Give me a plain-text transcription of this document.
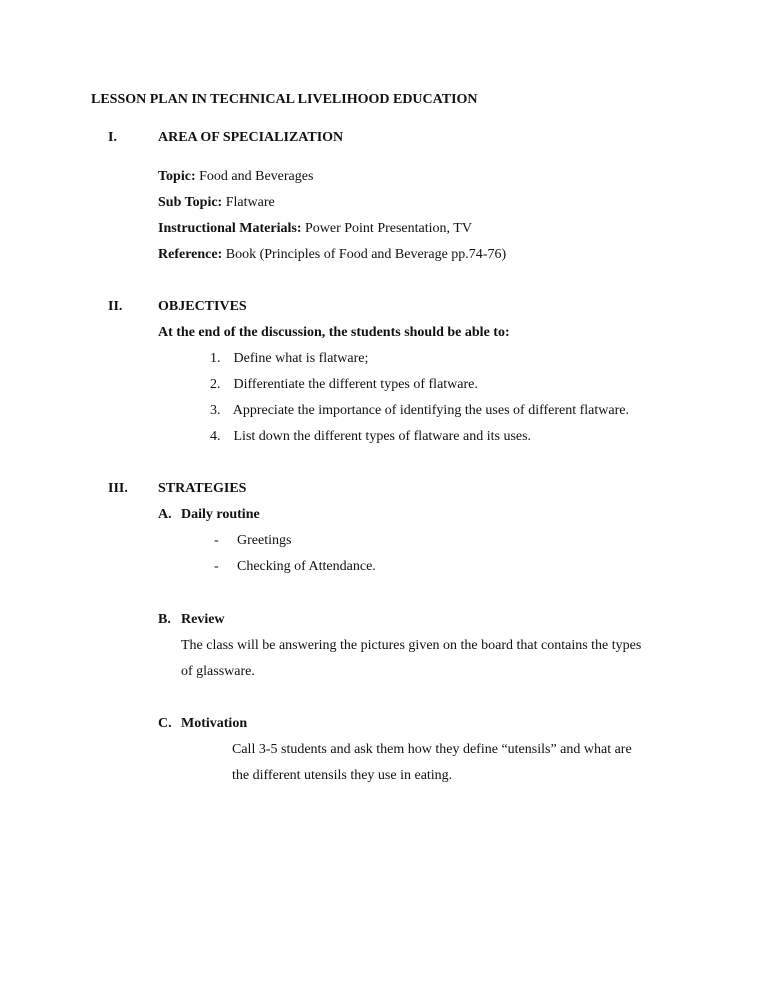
LESSON PLAN IN TECHNICAL LIVELIHOOD EDUCATION
I.	AREA OF SPECIALIZATION
Topic: Food and Beverages
Sub Topic: Flatware
Instructional Materials: Power Point Presentation, TV
Reference: Book (Principles of Food and Beverage pp.74-76)
II.	OBJECTIVES
At the end of the discussion, the students should be able to:
1. Define what is flatware;
2. Differentiate the different types of flatware.
3. Appreciate the importance of identifying the uses of different flatware.
4. List down the different types of flatware and its uses.
III. STRATEGIES
A. Daily routine
- Greetings
- Checking of Attendance.
B. Review
The class will be answering the pictures given on the board that contains the types
of glassware.
C. Motivation
Call 3-5 students and ask them how they define “utensils” and what are
the different utensils they use in eating.
